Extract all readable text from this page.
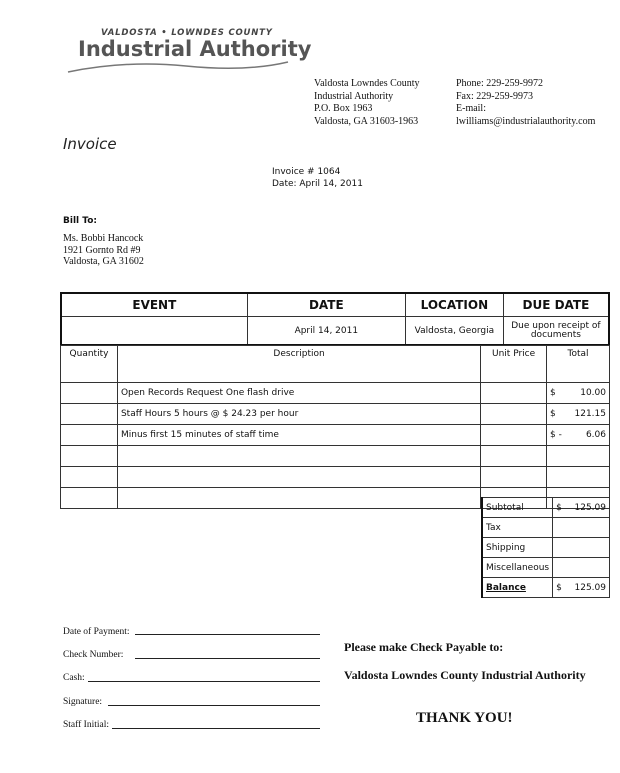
VALDOSTA • LOWNDES COUNTY
Industrial Authority
Valdosta Lowndes County
Industrial Authority
P.O. Box 1963
Valdosta, GA 31603-1963
Phone: 229-259-9972
Fax: 229-259-9973
E-mail:
lwilliams@industrialauthority.com
Invoice
Invoice # 1064
Date: April 14, 2011
Bill To:
Ms. Bobbi Hancock
1921 Gornto Rd #9
Valdosta, GA 31602
EVENT	DATE	LOCATION	DUE DATE
	April 14, 2011	Valdosta, Georgia	Due upon receipt of documents
Quantity	Description	Unit Price	Total
	Open Records Request One flash drive		$ 10.00

	Staff Hours 5 hours @ $ 24.23 per hour		$ 121.15

	Minus first 15 minutes of staff time		$ - 6.06

Subtotal	$ 125.09

Tax	
Shipping	
Miscellaneous	
Balance	$ 125.09
Date of Payment:
Check Number:
Cash:
Signature:
Staff Initial:
Please make Check Payable to:
Valdosta Lowndes County Industrial Authority
THANK YOU!
